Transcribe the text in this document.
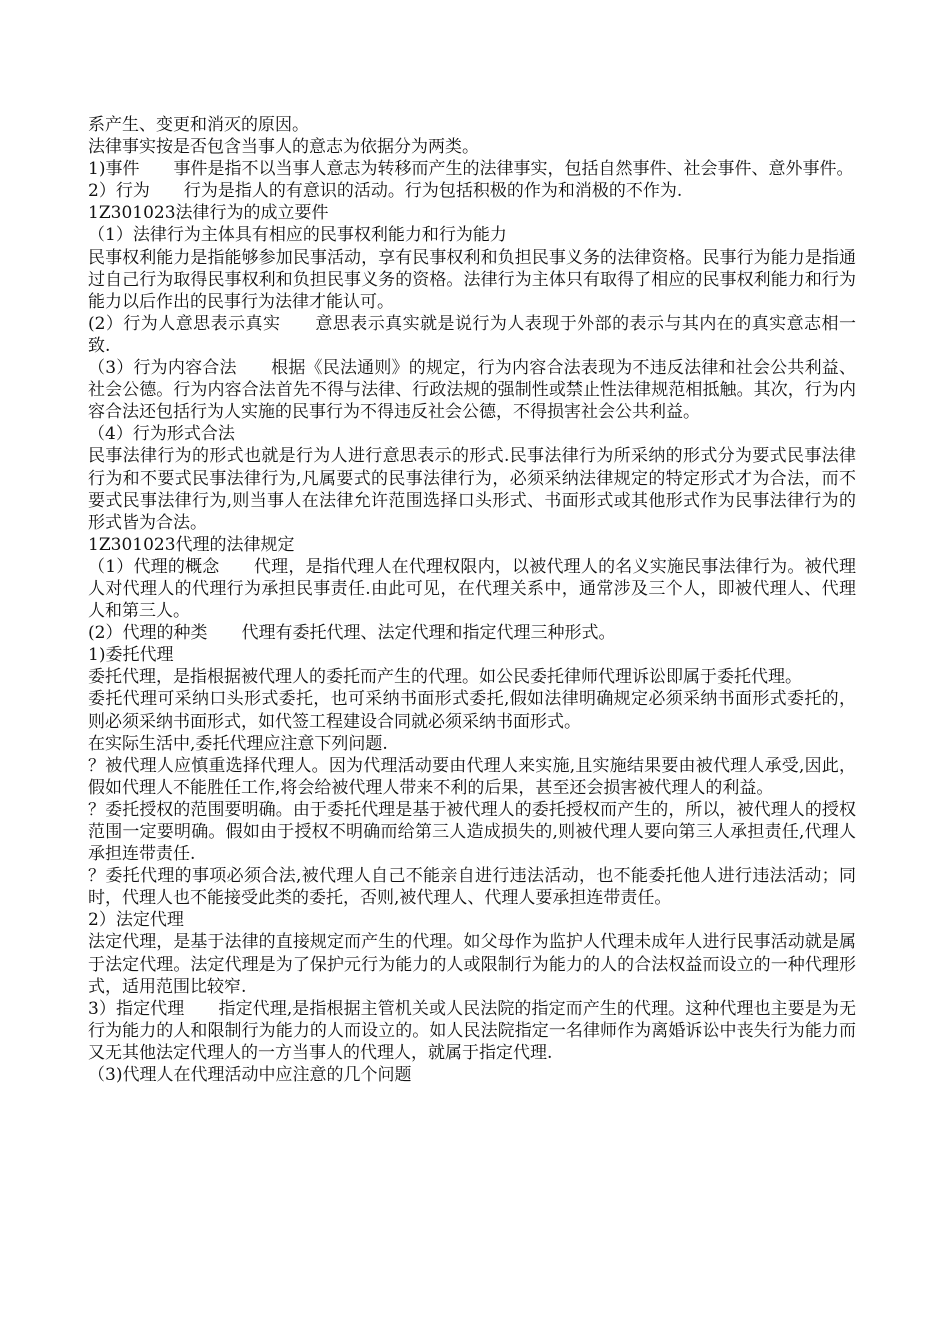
系产生、变更和消灭的原因。

法律事实按是否包含当事人的意志为依据分为两类。

1)事件　　事件是指不以当事人意志为转移而产生的法律事实，包括自然事件、社会事件、意外事件。

2）行为　　行为是指人的有意识的活动。行为包括积极的作为和消极的不作为.

1Z301023法律行为的成立要件

（1）法律行为主体具有相应的民事权利能力和行为能力

民事权利能力是指能够参加民事活动，享有民事权利和负担民事义务的法律资格。民事行为能力是指通过自己行为取得民事权利和负担民事义务的资格。法律行为主体只有取得了相应的民事权利能力和行为能力以后作出的民事行为法律才能认可。

(2）行为人意思表示真实　　意思表示真实就是说行为人表现于外部的表示与其内在的真实意志相一致.

（3）行为内容合法　　根据《民法通则》的规定，行为内容合法表现为不违反法律和社会公共利益、社会公德。行为内容合法首先不得与法律、行政法规的强制性或禁止性法律规范相抵触。其次，行为内容合法还包括行为人实施的民事行为不得违反社会公德，不得损害社会公共利益。

（4）行为形式合法

民事法律行为的形式也就是行为人进行意思表示的形式.民事法律行为所采纳的形式分为要式民事法律行为和不要式民事法律行为,凡属要式的民事法律行为，必须采纳法律规定的特定形式才为合法，而不要式民事法律行为,则当事人在法律允许范围选择口头形式、书面形式或其他形式作为民事法律行为的形式皆为合法。

1Z301023代理的法律规定

（1）代理的概念　　代理，是指代理人在代理权限内，以被代理人的名义实施民事法律行为。被代理人对代理人的代理行为承担民事责任.由此可见，在代理关系中，通常涉及三个人，即被代理人、代理人和第三人。

(2）代理的种类　　代理有委托代理、法定代理和指定代理三种形式。

1)委托代理

委托代理，是指根据被代理人的委托而产生的代理。如公民委托律师代理诉讼即属于委托代理。

委托代理可采纳口头形式委托，也可采纳书面形式委托,假如法律明确规定必须采纳书面形式委托的，则必须采纳书面形式，如代签工程建设合同就必须采纳书面形式。

在实际生活中,委托代理应注意下列问题.

？被代理人应慎重选择代理人。因为代理活动要由代理人来实施,且实施结果要由被代理人承受,因此，假如代理人不能胜任工作,将会给被代理人带来不利的后果，甚至还会损害被代理人的利益。

？委托授权的范围要明确。由于委托代理是基于被代理人的委托授权而产生的，所以，被代理人的授权范围一定要明确。假如由于授权不明确而给第三人造成损失的,则被代理人要向第三人承担责任,代理人承担连带责任.

？委托代理的事项必须合法,被代理人自己不能亲自进行违法活动，也不能委托他人进行违法活动；同时，代理人也不能接受此类的委托，否则,被代理人、代理人要承担连带责任。

2）法定代理

法定代理，是基于法律的直接规定而产生的代理。如父母作为监护人代理未成年人进行民事活动就是属于法定代理。法定代理是为了保护元行为能力的人或限制行为能力的人的合法权益而设立的一种代理形式，适用范围比较窄.

3）指定代理　　指定代理,是指根据主管机关或人民法院的指定而产生的代理。这种代理也主要是为无行为能力的人和限制行为能力的人而设立的。如人民法院指定一名律师作为离婚诉讼中丧失行为能力而又无其他法定代理人的一方当事人的代理人，就属于指定代理.

（3)代理人在代理活动中应注意的几个问题
